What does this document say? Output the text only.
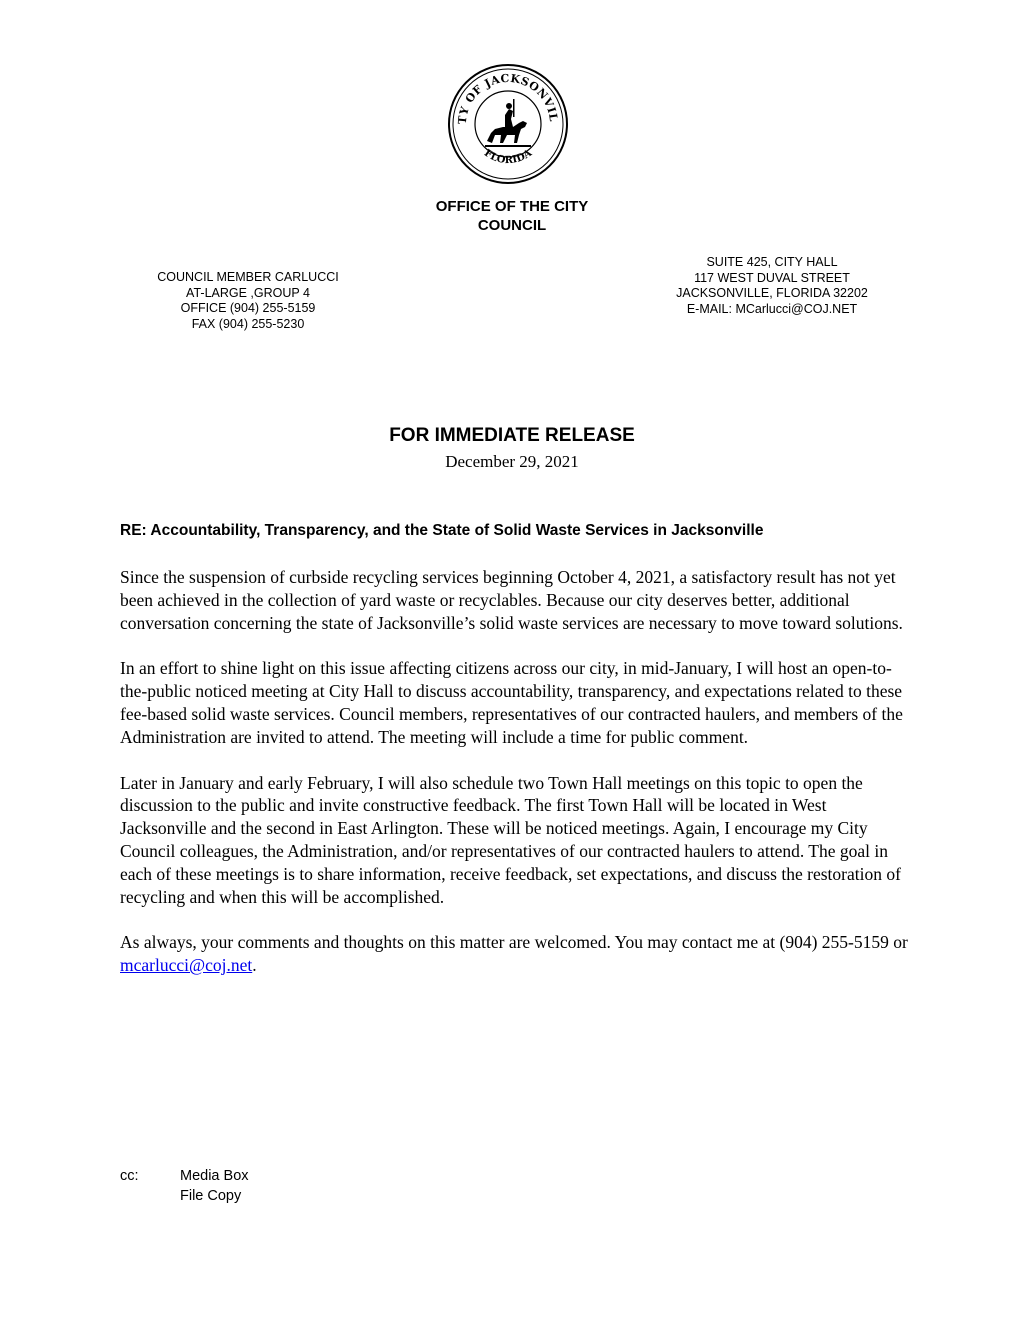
TY OF JACKSONVIL
FLORIDA
OFFICE OF THE CITY
COUNCIL
COUNCIL MEMBER CARLUCCI
AT-LARGE ,GROUP 4
OFFICE (904) 255-5159
FAX (904) 255-5230
SUITE 425, CITY HALL
117 WEST DUVAL STREET
JACKSONVILLE, FLORIDA 32202
E-MAIL: MCarlucci@COJ.NET
FOR IMMEDIATE RELEASE
December 29, 2021
RE: Accountability, Transparency, and the State of Solid Waste Services in Jacksonville

Since the suspension of curbside recycling services beginning October 4, 2021, a satisfactory result has not yet been achieved in the collection of yard waste or recyclables. Because our city deserves better, additional conversation concerning the state of Jacksonville’s solid waste services are necessary to move toward solutions.

In an effort to shine light on this issue affecting citizens across our city, in mid-January, I will host an open-to-the-public noticed meeting at City Hall to discuss accountability, transparency, and expectations related to these fee-based solid waste services. Council members, representatives of our contracted haulers, and members of the Administration are invited to attend. The meeting will include a time for public comment.

Later in January and early February, I will also schedule two Town Hall meetings on this topic to open the discussion to the public and invite constructive feedback. The first Town Hall will be located in West Jacksonville and the second in East Arlington. These will be noticed meetings. Again, I encourage my City Council colleagues, the Administration, and/or representatives of our contracted haulers to attend. The goal in each of these meetings is to share information, receive feedback, set expectations, and discuss the restoration of recycling and when this will be accomplished.

As always, your comments and thoughts on this matter are welcomed. You may contact me at (904) 255-5159 or mcarlucci@coj.net.

cc:	Media Box
File Copy
